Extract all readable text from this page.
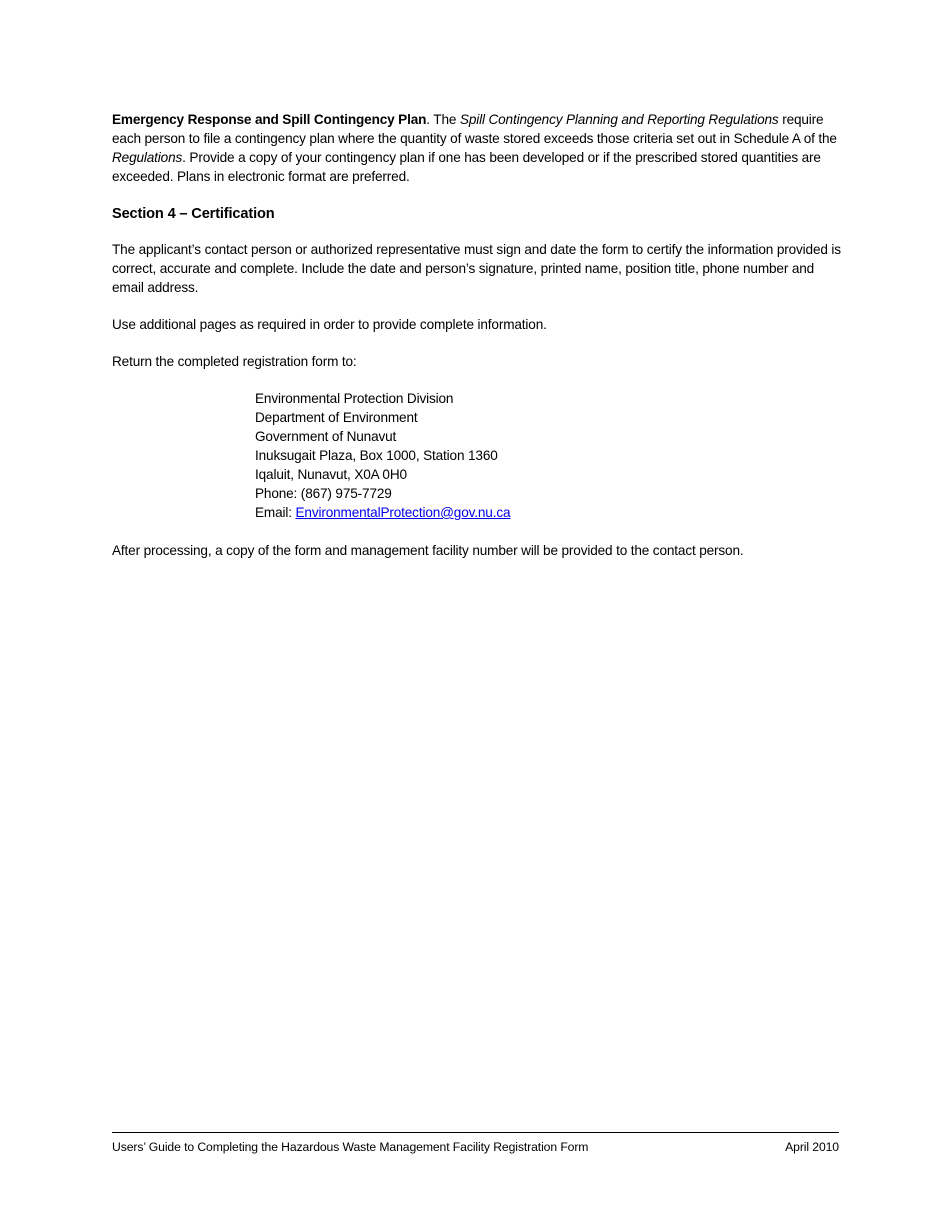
Emergency Response and Spill Contingency Plan. The Spill Contingency Planning and Reporting Regulations require each person to file a contingency plan where the quantity of waste stored exceeds those criteria set out in Schedule A of the Regulations. Provide a copy of your contingency plan if one has been developed or if the prescribed stored quantities are exceeded. Plans in electronic format are preferred.

Section 4 – Certification

The applicant’s contact person or authorized representative must sign and date the form to certify the information provided is correct, accurate and complete. Include the date and person’s signature, printed name, position title, phone number and email address.

Use additional pages as required in order to provide complete information.

Return the completed registration form to:

Environmental Protection Division
Department of Environment
Government of Nunavut
Inuksugait Plaza, Box 1000, Station 1360
Iqaluit, Nunavut, X0A 0H0
Phone: (867) 975-7729
Email: EnvironmentalProtection@gov.nu.ca

After processing, a copy of the form and management facility number will be provided to the contact person.

Users’ Guide to Completing the Hazardous Waste Management Facility Registration Form	April 2010
